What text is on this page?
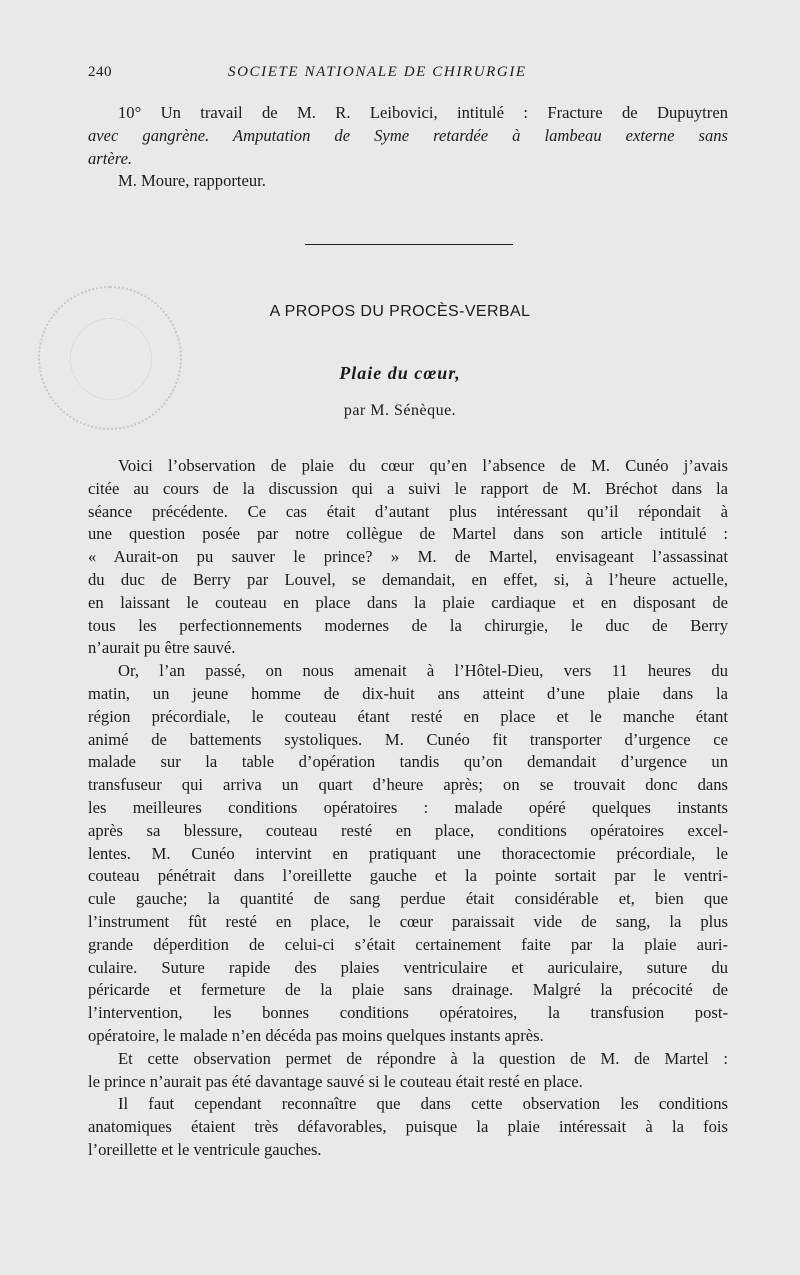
240	SOCIETE NATIONALE DE CHIRURGIE
10° Un travail de M. R. Leibovici, intitulé : Fracture de Dupuytren
avec gangrène. Amputation de Syme retardée à lambeau externe sans
artère.
M. Moure, rapporteur.
A PROPOS DU PROCÈS-VERBAL
Plaie du cœur,
par M. Sénèque.
Voici l’observation de plaie du cœur qu’en l’absence de M. Cunéo j’avais
citée au cours de la discussion qui a suivi le rapport de M. Bréchot dans la
séance précédente. Ce cas était d’autant plus intéressant qu’il répondait à
une question posée par notre collègue de Martel dans son article intitulé :
« Aurait-on pu sauver le prince? » M. de Martel, envisageant l’assassinat
du duc de Berry par Louvel, se demandait, en effet, si, à l’heure actuelle,
en laissant le couteau en place dans la plaie cardiaque et en disposant de
tous les perfectionnements modernes de la chirurgie, le duc de Berry
n’aurait pu être sauvé.
Or, l’an passé, on nous amenait à l’Hôtel-Dieu, vers 11 heures du
matin, un jeune homme de dix-huit ans atteint d’une plaie dans la
région précordiale, le couteau étant resté en place et le manche étant
animé de battements systoliques. M. Cunéo fit transporter d’urgence ce
malade sur la table d’opération tandis qu’on demandait d’urgence un
transfuseur qui arriva un quart d’heure après; on se trouvait donc dans
les meilleures conditions opératoires : malade opéré quelques instants
après sa blessure, couteau resté en place, conditions opératoires excel-
lentes. M. Cunéo intervint en pratiquant une thoracectomie précordiale, le
couteau pénétrait dans l’oreillette gauche et la pointe sortait par le ventri-
cule gauche; la quantité de sang perdue était considérable et, bien que
l’instrument fût resté en place, le cœur paraissait vide de sang, la plus
grande déperdition de celui-ci s’était certainement faite par la plaie auri-
culaire. Suture rapide des plaies ventriculaire et auriculaire, suture du
péricarde et fermeture de la plaie sans drainage. Malgré la précocité de
l’intervention, les bonnes conditions opératoires, la transfusion post-
opératoire, le malade n’en décéda pas moins quelques instants après.
Et cette observation permet de répondre à la question de M. de Martel :
le prince n’aurait pas été davantage sauvé si le couteau était resté en place.
Il faut cependant reconnaître que dans cette observation les conditions
anatomiques étaient très défavorables, puisque la plaie intéressait à la fois
l’oreillette et le ventricule gauches.
